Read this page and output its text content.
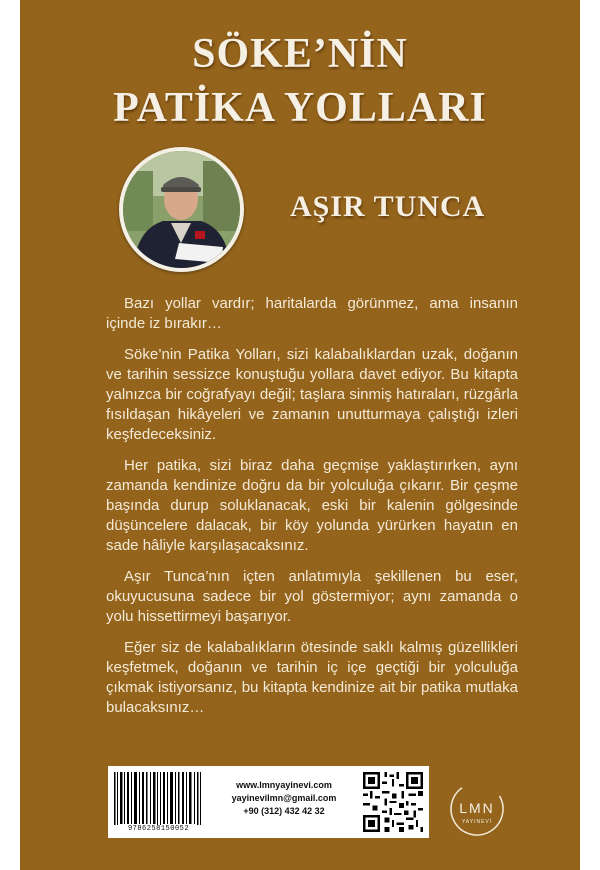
SÖKE’NİN
PATİKA YOLLARI
AŞIR TUNCA

Bazı yollar vardır; haritalarda görünmez, ama insanın içinde iz bırakır…

Söke’nin Patika Yolları, sizi kalabalıklardan uzak, doğanın ve tarihin sessizce konuştuğu yollara davet ediyor. Bu kitapta yalnızca bir coğrafyayı değil; taşlara sinmiş hatıraları, rüzgârla fısıldaşan hikâyeleri ve zamanın unutturmaya çalıştığı izleri keşfedeceksiniz.

Her patika, sizi biraz daha geçmişe yaklaştırırken, aynı zamanda kendinize doğru da bir yolculuğa çıkarır. Bir çeşme başında durup soluklanacak, eski bir kalenin gölgesinde düşüncelere dalacak, bir köy yolunda yürürken hayatın en sade hâliyle karşılaşacaksınız.

Aşır Tunca’nın içten anlatımıyla şekillenen bu eser, okuyucusuna sadece bir yol göstermiyor; aynı zamanda o yolu hissettirmeyi başarıyor.

Eğer siz de kalabalıkların ötesinde saklı kalmış güzellikleri keşfetmek, doğanın ve tarihin iç içe geçtiği bir yolculuğa çıkmak istiyorsanız, bu kitapta kendinize ait bir patika mutlaka bulacaksınız…

9786258150052
www.lmnyayinevi.com
yayinevilmn@gmail.com
+90 (312) 432 42 32	LMN
YAYINEVİ
